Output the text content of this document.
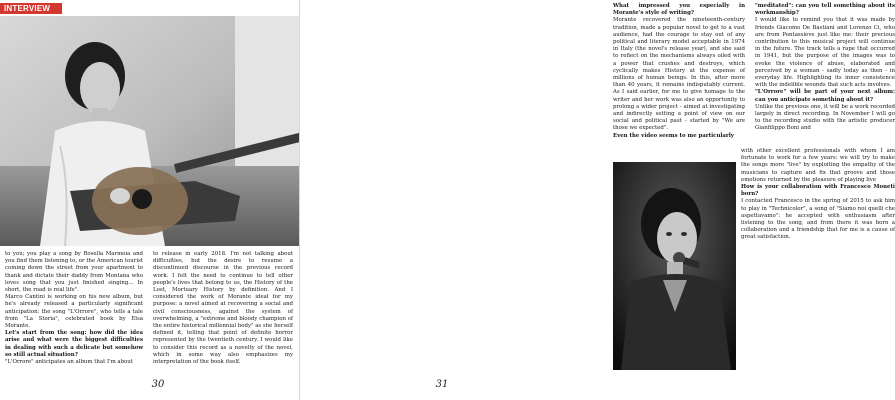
INTERVIEW

to you; you play a song by Rosella Marmoia and you find them listening to, or the American tourist coming down the street from your apartment to thank and dictate their daddy from Montana who loves song that you just finished singing... In short, the road is real life".

Marco Cantini is working on his new album, but he's already released a particularly significant anticipation: the song "L'Orrore", who tells a tale from "La Storia", celebrated book by Elsa Morante.

Let's start from the song: how did the idea arise and what were the biggest difficulties in dealing with such a delicate but somehow so still actual situation?

"L'Orrore" anticipates an album that I'm about

to release in early 2018. I'm not talking about difficulties, but the desire to resume a discontinued discourse in the previous record work. I felt the need to continue to tell other people's lives that belong to us, the History of the Lost, Mortuary History by definition. And I considered the work of Morante ideal for my purpose: a novel aimed at recovering a social and civil consciousness, against the system of overwhelming, a "extreme and bloody champion of the entire historical millennial body" as she herself defined it, telling that point of definite horror represented by the twentieth century. I would like to consider this record as a novelty of the novel, which in some way also emphasizes my interpretation of the book itself.

30

What impressed you especially in Morante's style of writing?

Morante recovered the nineteenth-century tradition, made a popular novel to get to a vast audience, had the courage to stay out of any political and literary model acceptable in 1974 in Italy (the novel's release year), and she said to reflect on the mechanisms always oiled with a power that crushes and destroys, which cyclically makes History at the expense of millions of human beings. In this, after more than 40 years, it remains indisputably current. As I said earlier, for me to give homage to the writer and her work was also an opportunity to prolong a wider project - aimed at investigating and indirectly setting a point of view on our social and political past - started by "We are those we expected".

Even the video seems to me particularly

"meditated": can you tell something about its workmanship?

I would like to remind you that it was made by friends Giacomo De Bastiani and Lorenzo Ci, who are from Pontassieve just like me: their precious contribution to this musical project will continue in the future. The track tells a rape that occurred in 1941, but the purpose of the images was to evoke the violence of abuse, elaborated and perceived by a woman - sadly today as then - in everyday life. Highlighting its inner consistence with the indelible wounds that such acts involves.

"L'Orrore" will be part of your next album: can you anticipate something about it?

Unlike the previous one, it will be a work recorded largely in direct recording. In November I will go to the recording studio with the artistic producer Gianfilippo Boni and

with other excellent professionals with whom I am fortunate to work for a few years: we will try to make the songs more "live" by exploiting the empathy of the musicians to capture and fix that groove and those emotions returned by the pleasure of playing live

How is your collaboration with Francesco Moneti born?

I contacted Francesco in the spring of 2015 to ask him to play in "Technicolor", a song of "Siamo noi quelli che aspettavamo": he accepted with enthusiasm after listening to the song, and from there it was born a collaboration and a friendship that for me is a cause of great satisfaction.

31
